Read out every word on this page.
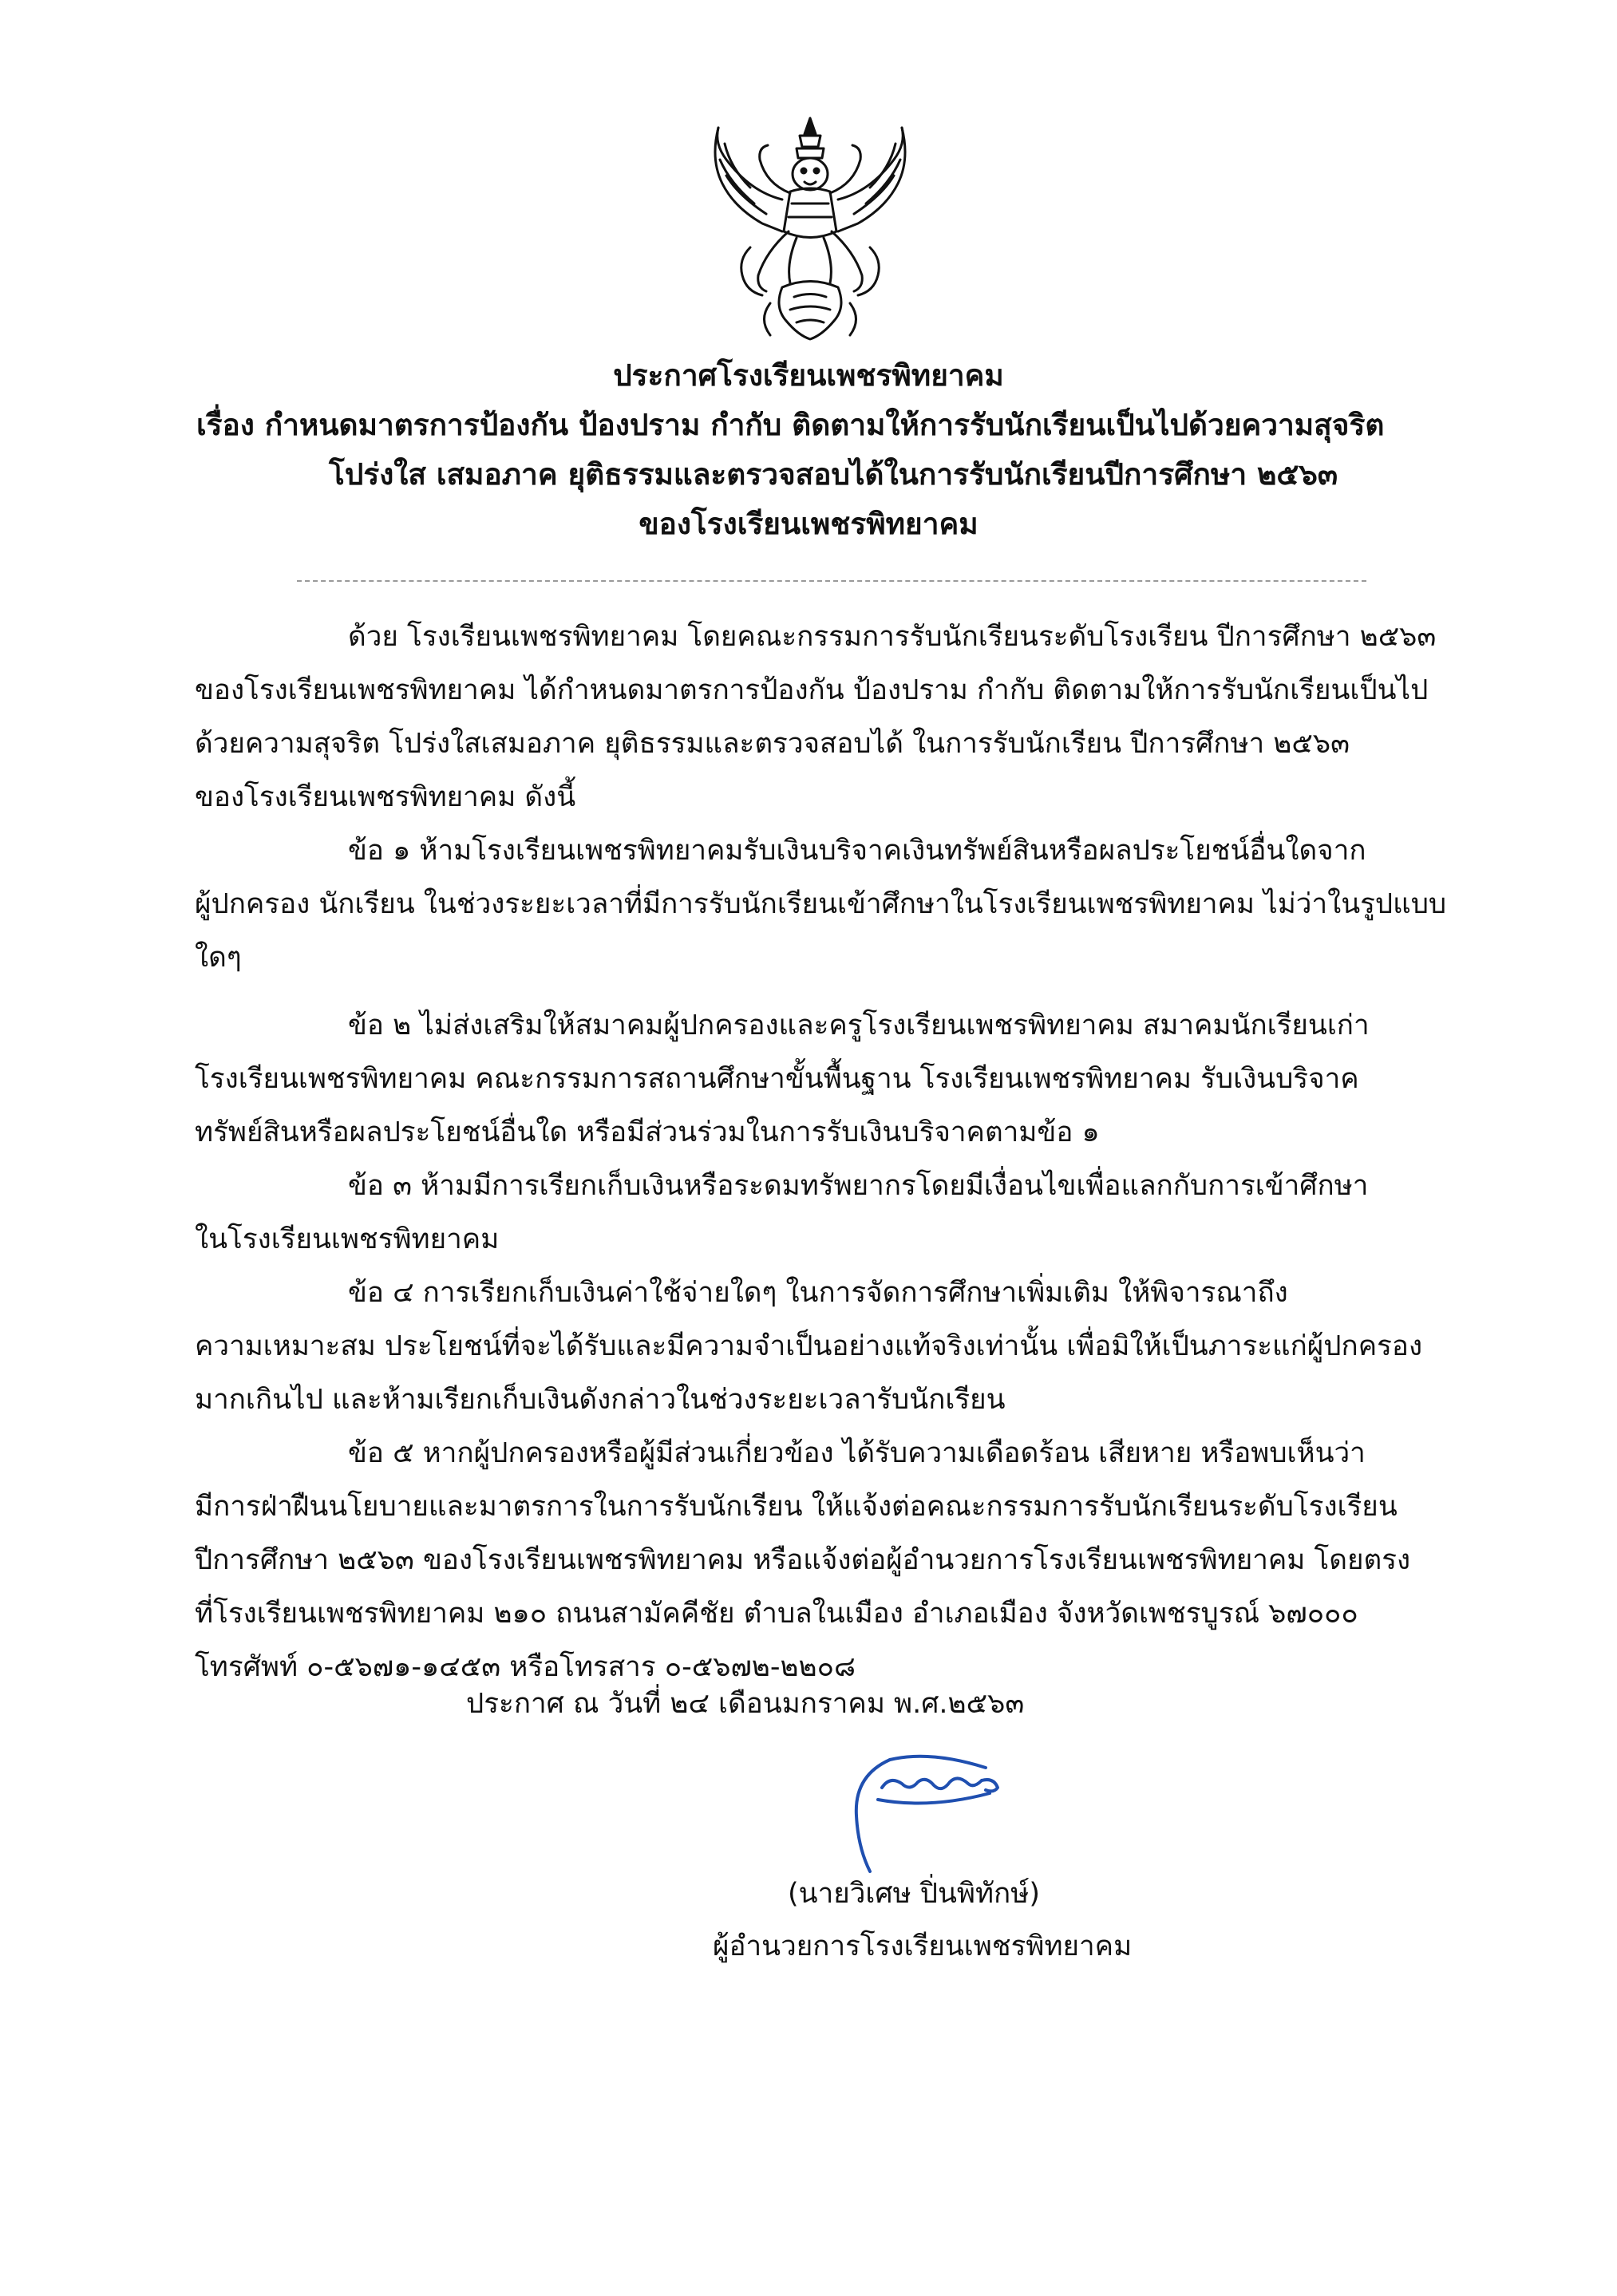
ประกาศโรงเรียนเพชรพิทยาคม
เรื่อง กำหนดมาตรการป้องกัน ป้องปราม กำกับ ติดตามให้การรับนักเรียนเป็นไปด้วยความสุจริต
โปร่งใส เสมอภาค ยุติธรรมและตรวจสอบได้ในการรับนักเรียนปีการศึกษา ๒๕๖๓
ของโรงเรียนเพชรพิทยาคม

ด้วย โรงเรียนเพชรพิทยาคม โดยคณะกรรมการรับนักเรียนระดับโรงเรียน ปีการศึกษา ๒๕๖๓
ของโรงเรียนเพชรพิทยาคม ได้กำหนดมาตรการป้องกัน ป้องปราม กำกับ ติดตามให้การรับนักเรียนเป็นไป
ด้วยความสุจริต โปร่งใสเสมอภาค ยุติธรรมและตรวจสอบได้ ในการรับนักเรียน ปีการศึกษา ๒๕๖๓
ของโรงเรียนเพชรพิทยาคม ดังนี้

ข้อ ๑ ห้ามโรงเรียนเพชรพิทยาคมรับเงินบริจาคเงินทรัพย์สินหรือผลประโยชน์อื่นใดจาก
ผู้ปกครอง นักเรียน ในช่วงระยะเวลาที่มีการรับนักเรียนเข้าศึกษาในโรงเรียนเพชรพิทยาคม ไม่ว่าในรูปแบบ
ใดๆ

ข้อ ๒ ไม่ส่งเสริมให้สมาคมผู้ปกครองและครูโรงเรียนเพชรพิทยาคม สมาคมนักเรียนเก่า
โรงเรียนเพชรพิทยาคม คณะกรรมการสถานศึกษาขั้นพื้นฐาน โรงเรียนเพชรพิทยาคม รับเงินบริจาค
ทรัพย์สินหรือผลประโยชน์อื่นใด หรือมีส่วนร่วมในการรับเงินบริจาคตามข้อ ๑

ข้อ ๓ ห้ามมีการเรียกเก็บเงินหรือระดมทรัพยากรโดยมีเงื่อนไขเพื่อแลกกับการเข้าศึกษา
ในโรงเรียนเพชรพิทยาคม

ข้อ ๔ การเรียกเก็บเงินค่าใช้จ่ายใดๆ ในการจัดการศึกษาเพิ่มเติม ให้พิจารณาถึง
ความเหมาะสม ประโยชน์ที่จะได้รับและมีความจำเป็นอย่างแท้จริงเท่านั้น เพื่อมิให้เป็นภาระแก่ผู้ปกครอง
มากเกินไป และห้ามเรียกเก็บเงินดังกล่าวในช่วงระยะเวลารับนักเรียน

ข้อ ๕ หากผู้ปกครองหรือผู้มีส่วนเกี่ยวข้อง ได้รับความเดือดร้อน เสียหาย หรือพบเห็นว่า
มีการฝ่าฝืนนโยบายและมาตรการในการรับนักเรียน ให้แจ้งต่อคณะกรรมการรับนักเรียนระดับโรงเรียน
ปีการศึกษา ๒๕๖๓ ของโรงเรียนเพชรพิทยาคม หรือแจ้งต่อผู้อำนวยการโรงเรียนเพชรพิทยาคม โดยตรง
ที่โรงเรียนเพชรพิทยาคม ๒๑๐ ถนนสามัคคีชัย ตำบลในเมือง อำเภอเมือง จังหวัดเพชรบูรณ์ ๖๗๐๐๐
โทรศัพท์ ๐-๕๖๗๑-๑๔๕๓ หรือโทรสาร ๐-๕๖๗๒-๒๒๐๘

ประกาศ ณ วันที่ ๒๔ เดือนมกราคม พ.ศ.๒๕๖๓
(นายวิเศษ ปิ่นพิทักษ์)
ผู้อำนวยการโรงเรียนเพชรพิทยาคม
